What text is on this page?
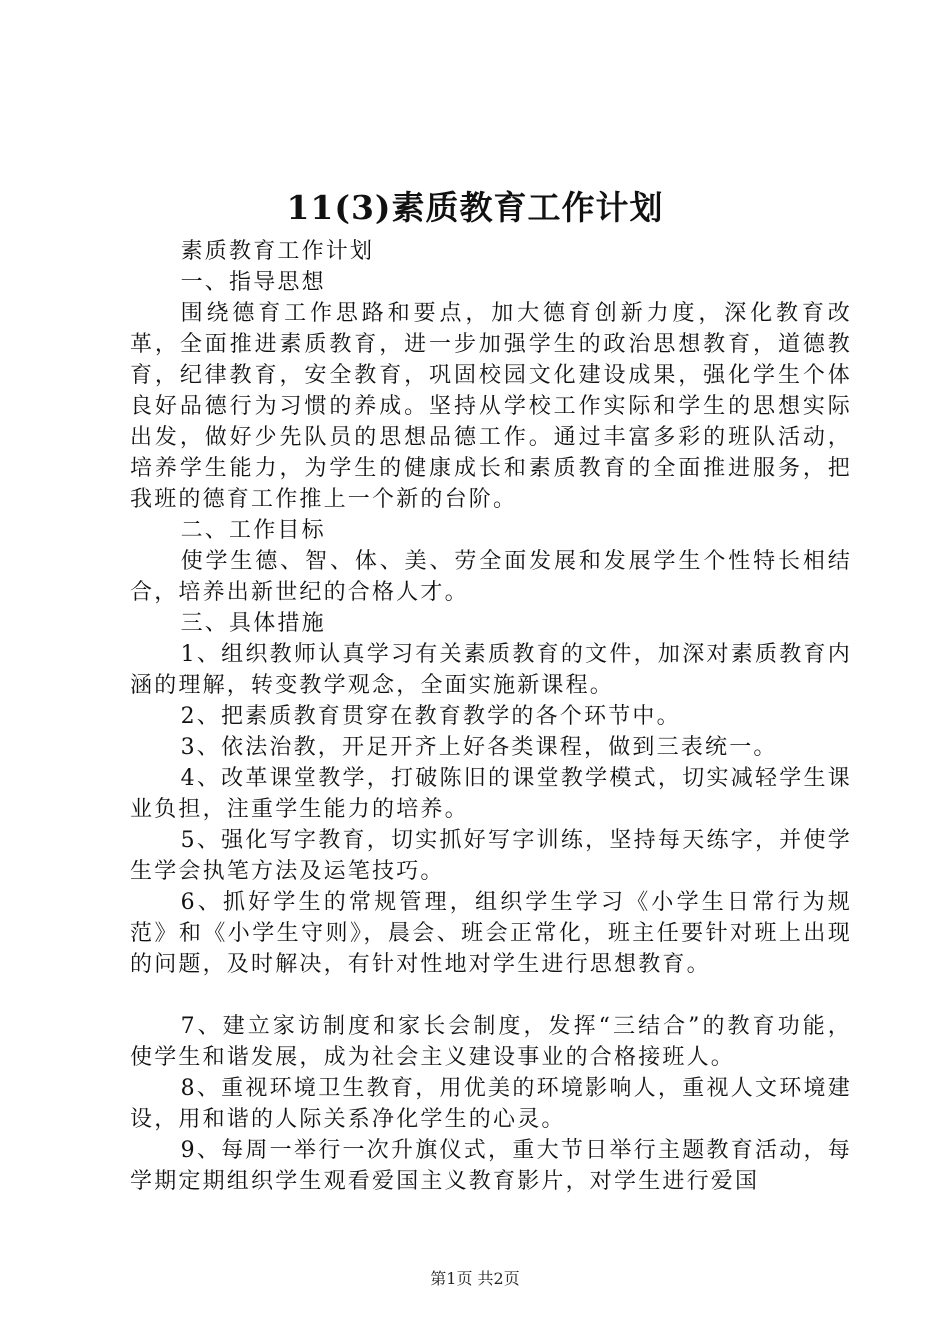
11(3)素质教育工作计划

素质教育工作计划

一、指导思想

围绕德育工作思路和要点，加大德育创新力度，深化教育改革，全面推进素质教育，进一步加强学生的政治思想教育，道德教育，纪律教育，安全教育，巩固校园文化建设成果，强化学生个体良好品德行为习惯的养成。坚持从学校工作实际和学生的思想实际出发，做好少先队员的思想品德工作。通过丰富多彩的班队活动，培养学生能力，为学生的健康成长和素质教育的全面推进服务，把我班的德育工作推上一个新的台阶。

二、工作目标

使学生德、智、体、美、劳全面发展和发展学生个性特长相结合，培养出新世纪的合格人才。

三、具体措施

1、组织教师认真学习有关素质教育的文件，加深对素质教育内涵的理解，转变教学观念，全面实施新课程。

2、把素质教育贯穿在教育教学的各个环节中。

3、依法治教，开足开齐上好各类课程，做到三表统一。

4、改革课堂教学，打破陈旧的课堂教学模式，切实减轻学生课业负担，注重学生能力的培养。

5、强化写字教育，切实抓好写字训练，坚持每天练字，并使学生学会执笔方法及运笔技巧。

6、抓好学生的常规管理，组织学生学习《小学生日常行为规范》和《小学生守则》，晨会、班会正常化，班主任要针对班上出现的问题，及时解决，有针对性地对学生进行思想教育。

7、建立家访制度和家长会制度，发挥“三结合”的教育功能，使学生和谐发展，成为社会主义建设事业的合格接班人。

8、重视环境卫生教育，用优美的环境影响人，重视人文环境建设，用和谐的人际关系净化学生的心灵。

9、每周一举行一次升旗仪式，重大节日举行主题教育活动，每学期定期组织学生观看爱国主义教育影片，对学生进行爱国

第1页 共2页
